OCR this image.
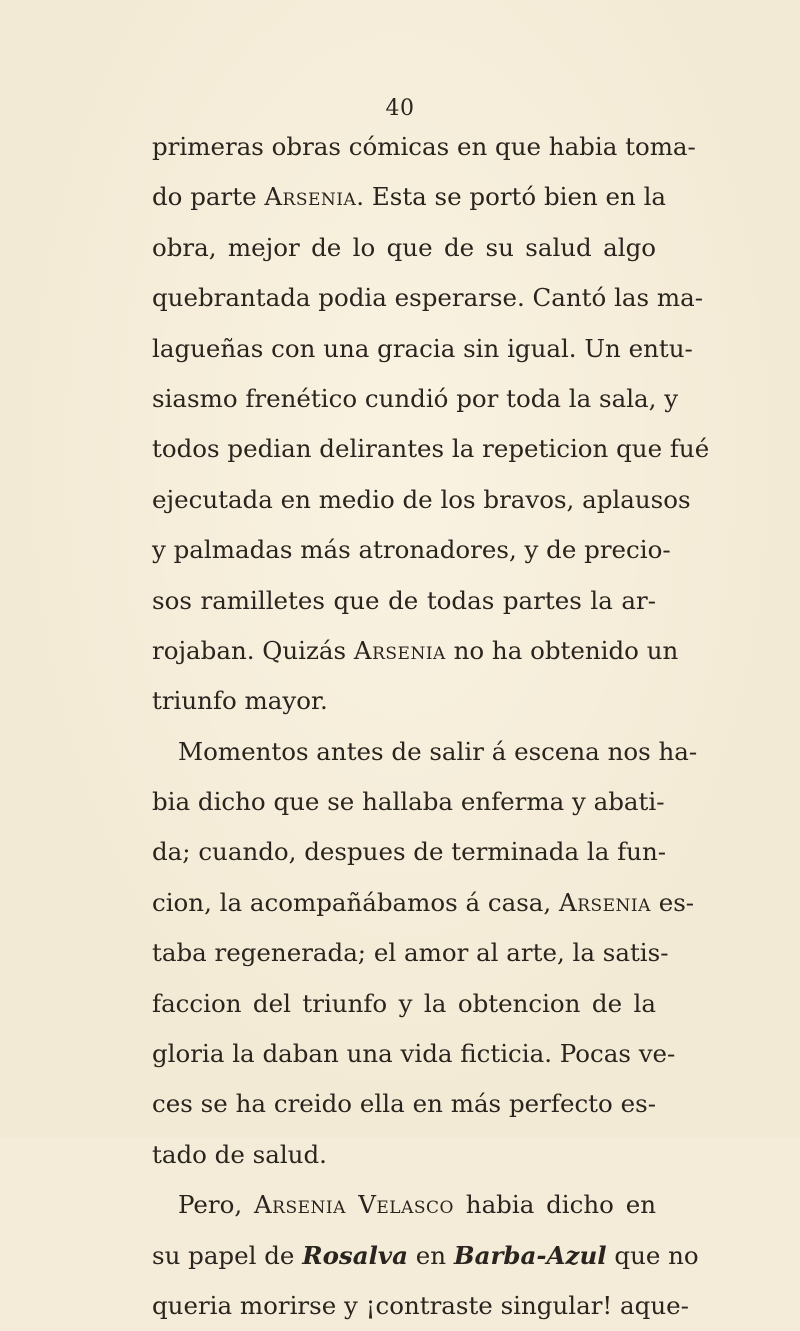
40
primeras obras cómicas en que habia toma-
do parte Arsenia. Esta se portó bien en la
obra, mejor de lo que de su salud algo
quebrantada podia esperarse. Cantó las ma-
lagueñas con una gracia sin igual. Un entu-
siasmo frenético cundió por toda la sala, y
todos pedian delirantes la repeticion que fué
ejecutada en medio de los bravos, aplausos
y palmadas más atronadores, y de precio-
sos ramilletes que de todas partes la ar-
rojaban. Quizás Arsenia no ha obtenido un
triunfo mayor.
Momentos antes de salir á escena nos ha-
bia dicho que se hallaba enferma y abati-
da; cuando, despues de terminada la fun-
cion, la acompañábamos á casa, Arsenia es-
taba regenerada; el amor al arte, la satis-
faccion del triunfo y la obtencion de la
gloria la daban una vida ficticia. Pocas ve-
ces se ha creido ella en más perfecto es-
tado de salud.
Pero, Arsenia Velasco habia dicho en
su papel de Rosalva en Barba-Azul que no
queria morirse y ¡contraste singular! aque-
